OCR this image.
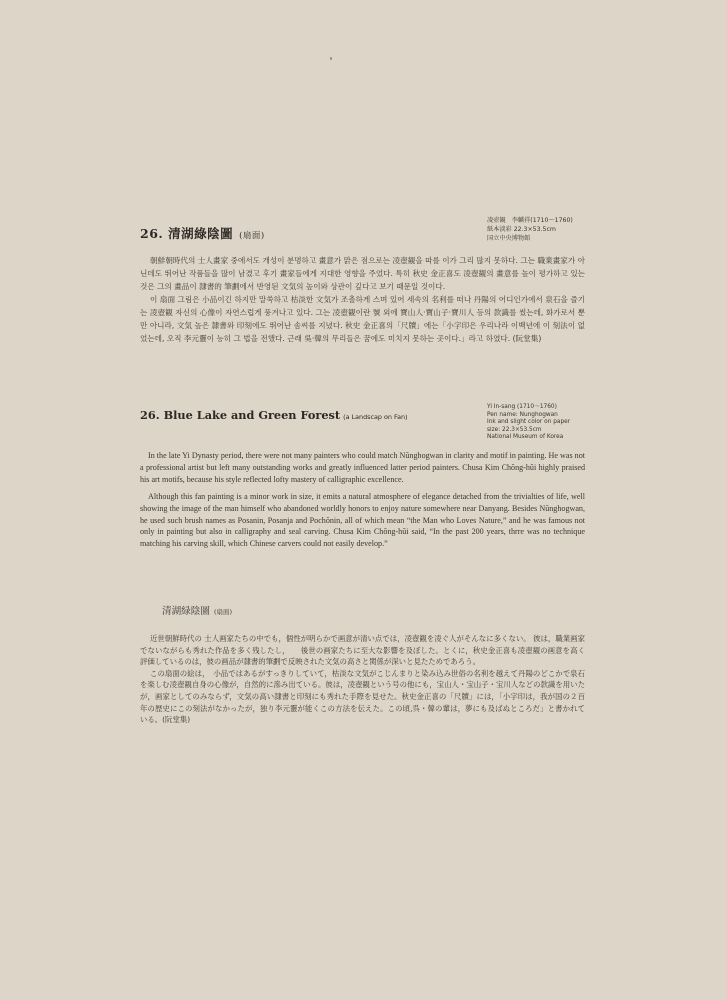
26. 清湖綠陰圖 (扇面)
凌壺観　李麟祥(1710～1760)
紙本淡彩 22.3×53.5cm
国立中央博物館

朝鮮朝時代의 士人畫家 중에서도 개성이 분명하고 畫意가 맑은 점으로는 凌壺観을 따를 이가 그리 많지 못하다. 그는 職業畫家가 아닌데도 뛰어난 작품들을 많이 남겼고 후기 畫家들에게 지대한 영향을 주었다. 특히 秋史 金正喜도 凌壺観의 畫意를 높이 평가하고 있는 것은 그의 畫品이 隷書的 筆劃에서 반영된 文気의 높이와 상관이 깊다고 보기 때문일 것이다.

이 扇面 그림은 小品이긴 하지만 말쑥하고 枯淡한 文気가 조촐하게 스며 있어 세속의 名利를 떠나 丹陽의 어디인가에서 泉石을 즐기는 凌壺観 자신의 心像이 자연스럽게 풍겨나고 있다. 그는 凌壺観이란 號 외에 寶山人·寶山子·寶川人 등의 款識를 썼는데, 화가로서 뿐만 아니라, 文気 높은 隷書와 印刻에도 뛰어난 솜씨를 지녔다. 秋史 金正喜의「尺牘」에는「小字印은 우리나라 이백년에 이 刻法이 없었는데, 오직 李元靈이 능히 그 법을 전했다. 근래 吳·韓의 무리들은 꿈에도 미치지 못하는 곳이다.」라고 하였다. (阮堂集)

26. Blue Lake and Green Forest (a Landscap on Fan)
Yi In-sang (1710～1760)
Pen name: Nunghogwan
Ink and slight color on paper
size: 22.3×53.5cm
National Museum of Korea

In the late Yi Dynasty period, there were not many painters who could match Nŭnghogwan in clarity and motif in painting. He was not a professional artist but left many outstanding works and greatly influenced latter period painters. Chusa Kim Chŏng-hŭi highly praised his art motifs, because his style reflected lofty mastery of calligraphic excellence.

Although this fan painting is a minor work in size, it emits a natural atmosphere of elegance detached from the trivialties of life, well showing the image of the man himself who abandoned worldly honors to enjoy nature somewhere near Danyang. Besides Nŭnghogwan, he used such brush names as Posanin, Posanja and Pochŏnin, all of which mean “the Man who Loves Nature,” and he was famous not only in painting but also in calligraphy and seal carving. Chusa Kim Chŏng-hŭi said, “In the past 200 years, thrre was no technique matching his carving skill, which Chinese carvers could not easily develop.”

清湖緑陰圖 (扇面)

近世朝鮮時代の 士人画家たちの中でも，個性が明らかで画意が清い点では，凌壺観を凌ぐ人がそんなに多くない。 彼は，職業画家でないながらも秀れた作品を多く残したし，　　後世の画家たちに至大な影響を及ぼした。とくに，秋史金正喜も凌壺観の画意を高く評価しているのは，彼の画品が隷書的筆劃で反映された文気の高さと関係が深いと見たためであろう。

この扇面の絵は，　小品ではあるがすっきりしていて，枯淡な文気がこじんまりと染み込み世俗の名利を越えて丹陽のどこかで泉石を楽しむ凌壺観自身の心像が，自然的に滲み出ている。彼は，凌壺観という号の他にも，宝山人・宝山子・宝川人などの款識を用いたが，画家としてのみならず，文気の高い隷書と印刻にも秀れた手際を見せた。秋史金正喜の「尺牘」には，「小字印は，我が国の２百年の歴史にこの刻法がなかったが，独り李元靈が能くこの方法を伝えた。この頃,呉・韓の輩は，夢にも及ばぬところだ」と書かれている。(阮堂集)
